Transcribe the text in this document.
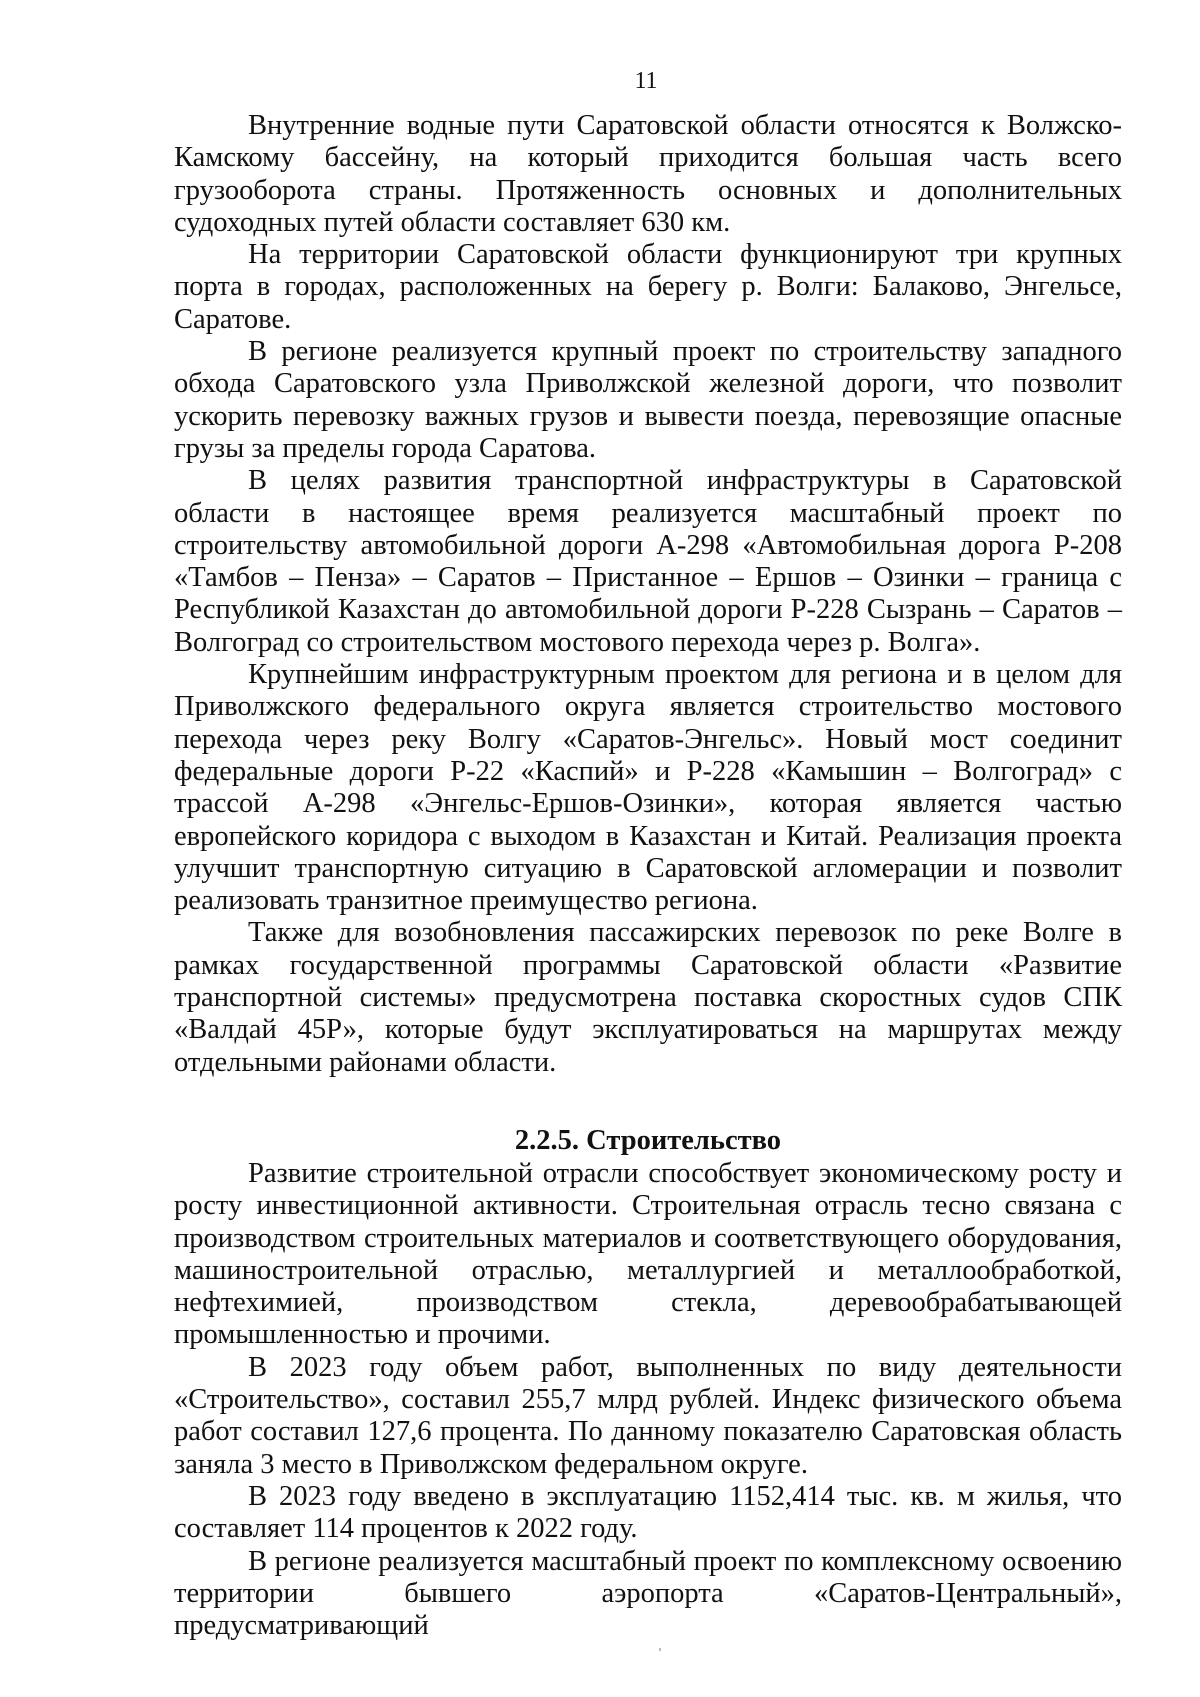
11

Внутренние водные пути Саратовской области относятся к Волжско-Камскому бассейну, на который приходится большая часть всего грузооборота страны. Протяженность основных и дополнительных судоходных путей области составляет 630 км.

На территории Саратовской области функционируют три крупных порта в городах, расположенных на берегу р. Волги: Балаково, Энгельсе, Саратове.

В регионе реализуется крупный проект по строительству западного обхода Саратовского узла Приволжской железной дороги, что позволит ускорить перевозку важных грузов и вывести поезда, перевозящие опасные грузы за пределы города Саратова.

В целях развития транспортной инфраструктуры в Саратовской области в настоящее время реализуется масштабный проект по строительству автомобильной дороги А-298 «Автомобильная дорога Р-208 «Тамбов – Пенза» – Саратов – Пристанное – Ершов – Озинки – граница с Республикой Казахстан до автомобильной дороги Р-228 Сызрань – Саратов – Волгоград со строительством мостового перехода через р. Волга».

Крупнейшим инфраструктурным проектом для региона и в целом для Приволжского федерального округа является строительство мостового перехода через реку Волгу «Саратов-Энгельс». Новый мост соединит федеральные дороги Р-22 «Каспий» и Р-228 «Камышин – Волгоград» с трассой А-298 «Энгельс-Ершов-Озинки», которая является частью европейского коридора с выходом в Казахстан и Китай. Реализация проекта улучшит транспортную ситуацию в Саратовской агломерации и позволит реализовать транзитное преимущество региона.

Также для возобновления пассажирских перевозок по реке Волге в рамках государственной программы Саратовской области «Развитие транспортной системы» предусмотрена поставка скоростных судов СПК «Валдай 45Р», которые будут эксплуатироваться на маршрутах между отдельными районами области.

2.2.5. Строительство

Развитие строительной отрасли способствует экономическому росту и росту инвестиционной активности. Строительная отрасль тесно связана с производством строительных материалов и соответствующего оборудования, машиностроительной отраслью, металлургией и металлообработкой, нефтехимией, производством стекла, деревообрабатывающей промышленностью и прочими.

В 2023 году объем работ, выполненных по виду деятельности «Строительство», составил 255,7 млрд рублей. Индекс физического объема работ составил 127,6 процента. По данному показателю Саратовская область заняла 3 место в Приволжском федеральном округе.

В 2023 году введено в эксплуатацию 1152,414 тыс. кв. м жилья, что составляет 114 процентов к 2022 году.

В регионе реализуется масштабный проект по комплексному освоению территории бывшего аэропорта «Саратов-Центральный», предусматривающий
